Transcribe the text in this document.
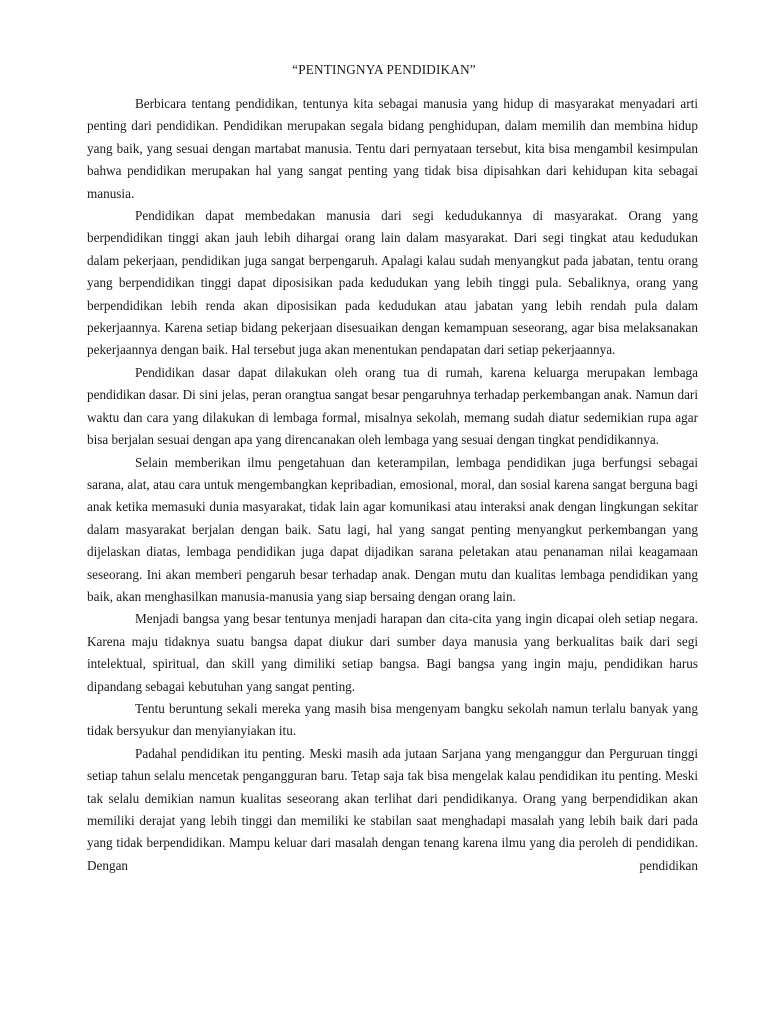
“PENTINGNYA PENDIDIKAN”

Berbicara tentang pendidikan, tentunya kita sebagai manusia yang hidup di masyarakat menyadari arti penting dari pendidikan. Pendidikan merupakan segala bidang penghidupan, dalam memilih dan membina hidup yang baik, yang sesuai dengan martabat manusia. Tentu dari pernyataan tersebut, kita bisa mengambil kesimpulan bahwa pendidikan merupakan hal yang sangat penting yang tidak bisa dipisahkan dari kehidupan kita sebagai manusia.

Pendidikan dapat membedakan manusia dari segi kedudukannya di masyarakat. Orang yang berpendidikan tinggi akan jauh lebih dihargai orang lain dalam masyarakat. Dari segi tingkat atau kedudukan dalam pekerjaan, pendidikan juga sangat berpengaruh. Apalagi kalau sudah menyangkut pada jabatan, tentu orang yang berpendidikan tinggi dapat diposisikan pada kedudukan yang lebih tinggi pula. Sebaliknya, orang yang berpendidikan lebih renda akan diposisikan pada kedudukan atau jabatan yang lebih rendah pula dalam pekerjaannya. Karena setiap bidang pekerjaan disesuaikan dengan kemampuan seseorang, agar bisa melaksanakan pekerjaannya dengan baik. Hal tersebut juga akan menentukan pendapatan dari setiap pekerjaannya.

Pendidikan dasar dapat dilakukan oleh orang tua di rumah, karena keluarga merupakan lembaga pendidikan dasar. Di sini jelas, peran orangtua sangat besar pengaruhnya terhadap perkembangan anak. Namun dari waktu dan cara yang dilakukan di lembaga formal, misalnya sekolah, memang sudah diatur sedemikian rupa agar bisa berjalan sesuai dengan apa yang direncanakan oleh lembaga yang sesuai dengan tingkat pendidikannya.

Selain memberikan ilmu pengetahuan dan keterampilan, lembaga pendidikan juga berfungsi sebagai sarana, alat, atau cara untuk mengembangkan kepribadian, emosional, moral, dan sosial karena sangat berguna bagi anak ketika memasuki dunia masyarakat, tidak lain agar komunikasi atau interaksi anak dengan lingkungan sekitar dalam masyarakat berjalan dengan baik. Satu lagi, hal yang sangat penting menyangkut perkembangan yang dijelaskan diatas, lembaga pendidikan juga dapat dijadikan sarana peletakan atau penanaman nilai keagamaan seseorang. Ini akan memberi pengaruh besar terhadap anak. Dengan mutu dan kualitas lembaga pendidikan yang baik, akan menghasilkan manusia-manusia yang siap bersaing dengan orang lain.

Menjadi bangsa yang besar tentunya menjadi harapan dan cita-cita yang ingin dicapai oleh setiap negara. Karena maju tidaknya suatu bangsa dapat diukur dari sumber daya manusia yang berkualitas baik dari segi intelektual, spiritual, dan skill yang dimiliki setiap bangsa. Bagi bangsa yang ingin maju, pendidikan harus dipandang sebagai kebutuhan yang sangat penting.

Tentu beruntung sekali mereka yang masih bisa mengenyam bangku sekolah namun terlalu banyak yang tidak bersyukur dan menyianyiakan itu.

Padahal pendidikan itu penting. Meski masih ada jutaan Sarjana yang menganggur dan Perguruan tinggi setiap tahun selalu mencetak pengangguran baru. Tetap saja tak bisa mengelak kalau pendidikan itu penting. Meski tak selalu demikian namun kualitas seseorang akan terlihat dari pendidikanya. Orang yang berpendidikan akan memiliki derajat yang lebih tinggi dan memiliki ke stabilan saat menghadapi masalah yang lebih baik dari pada yang tidak berpendidikan. Mampu keluar dari masalah dengan tenang karena ilmu yang dia peroleh di pendidikan. Dengan pendidikan
